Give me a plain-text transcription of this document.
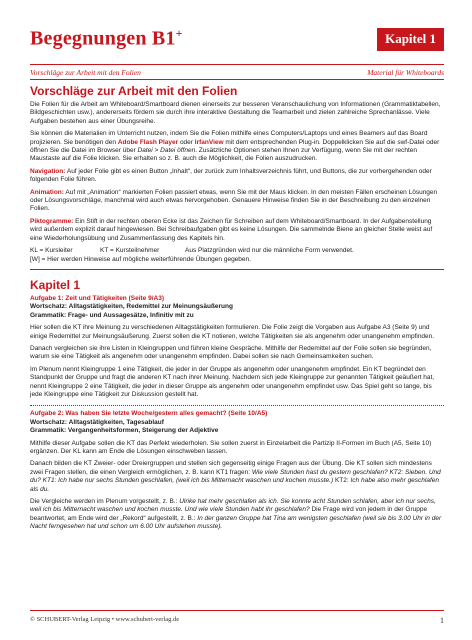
Begegnungen B1+	Kapitel 1
Vorschläge zur Arbeit mit den Folien	Material für Whiteboards
Vorschläge zur Arbeit mit den Folien

Die Folien für die Arbeit am Whiteboard/Smartboard dienen einerseits zur besseren Veranschaulichung von Informationen (Grammatiktabellen, Bildgeschichten usw.), andererseits fördern sie durch ihre interaktive Gestaltung die Teamarbeit und zielen zahlreiche Sprechanlässe. Viele Aufgaben bestehen aus einer Übungsreihe.

Sie können die Materialien im Unterricht nutzen, indem Sie die Folien mithilfe eines Computers/Laptops und eines Beamers auf das Board projizieren. Sie benötigen den Adobe Flash Player oder IrfanView mit dem entsprechenden Plug-in. Doppelklicken Sie auf die swf-Datei oder öffnen Sie die Datei im Browser über Datei > Datei öffnen. Zusätzliche Optionen stehen Ihnen zur Verfügung, wenn Sie mit der rechten Maustaste auf die Folie klicken. Sie erhalten so z. B. auch die Möglichkeit, die Folien auszudrucken.

Navigation: Auf jeder Folie gibt es einen Button „Inhalt“, der zurück zum Inhaltsverzeichnis führt, und Buttons, die zur vorhergehenden oder folgenden Folie führen.

Animation: Auf mit „Animation“ markierten Folien passiert etwas, wenn Sie mit der Maus klicken. In den meisten Fällen erscheinen Lösungen oder Lösungsvorschläge, manchmal wird auch etwas hervorgehoben. Genauere Hinweise finden Sie in der Beschreibung zu den einzelnen Folien.

Piktogramme: Ein Stift in der rechten oberen Ecke ist das Zeichen für Schreiben auf dem Whiteboard/Smartboard. In der Aufgabenstellung wird außerdem explizit darauf hingewiesen. Bei Schreibaufgaben gibt es keine Lösungen. Die sammelnde Biene an gleicher Stelle weist auf eine Wiederholungsübung und Zusammenfassung des Kapitels hin.

KL = Kursleiter	KT = Kursteilnehmer	Aus Platzgründen wird nur die männliche Form verwendet.
[W] = Hier werden Hinweise auf mögliche weiterführende Übungen gegeben.
Kapitel 1

Aufgabe 1: Zeit und Tätigkeiten (Seite 9/A3)
Wortschatz: Alltagstätigkeiten, Redemittel zur Meinungsäußerung
Grammatik: Frage- und Aussagesätze, Infinitiv mit zu

Hier sollen die KT ihre Meinung zu verschiedenen Alltagstätigkeiten formulieren. Die Folie zeigt die Vorgaben aus Aufgabe A3 (Seite 9) und einige Redemittel zur Meinungsäußerung. Zuerst sollen die KT notieren, welche Tätigkeiten sie als angenehm oder unangenehm empfinden.

Danach vergleichen sie ihre Listen in Kleingruppen und führen kleine Gespräche. Mithilfe der Redemittel auf der Folie sollen sie begründen, warum sie eine Tätigkeit als angenehm oder unangenehm empfinden. Dabei sollen sie nach Gemeinsamkeiten suchen.

Im Plenum nennt Kleingruppe 1 eine Tätigkeit, die jeder in der Gruppe als angenehm oder unangenehm empfindet. Ein KT begründet den Standpunkt der Gruppe und fragt die anderen KT nach ihrer Meinung. Nachdem sich jede Kleingruppe zur genannten Tätigkeit geäußert hat, nennt Kleingruppe 2 eine Tätigkeit, die jeder in dieser Gruppe als angenehm oder unangenehm empfindet usw. Das Spiel geht so lange, bis jede Kleingruppe eine Tätigkeit zur Diskussion gestellt hat.

Aufgabe 2: Was haben Sie letzte Woche/gestern alles gemacht? (Seite 10/A5)
Wortschatz: Alltagstätigkeiten, Tagesablauf
Grammatik: Vergangenheitsformen, Steigerung der Adjektive

Mithilfe dieser Aufgabe sollen die KT das Perfekt wiederholen. Sie sollen zuerst in Einzelarbeit die Partizip II-Formen im Buch (A5, Seite 10) ergänzen. Der KL kann am Ende die Lösungen einschweben lassen.

Danach bilden die KT Zweier- oder Dreiergruppen und stellen sich gegenseitig einige Fragen aus der Übung. Die KT sollen sich mindestens zwei Fragen stellen, die einen Vergleich ermöglichen, z. B. kann KT1 fragen: Wie viele Stunden hast du gestern geschlafen? KT2: Sieben. Und du? KT1: Ich habe nur sechs Stunden geschlafen, (weil ich bis Mitternacht waschen und kochen musste.) KT2: Ich habe also mehr geschlafen als du.

Die Vergleiche werden im Plenum vorgestellt, z. B.: Ulrike hat mehr geschlafen als ich. Sie konnte acht Stunden schlafen, aber ich nur sechs, weil ich bis Mitternacht waschen und kochen musste. Und wie viele Stunden habt ihr geschlafen? Die Frage wird von jedem in der Gruppe beantwortet, am Ende wird der „Rekord“ aufgestellt, z. B.: In der ganzen Gruppe hat Tina am wenigsten geschlafen (weil sie bis 3.00 Uhr in der Nacht ferngesehen hat und schon um 6.00 Uhr aufstehen musste).

© SCHUBERT-Verlag Leipzig • www.schubert-verlag.de	1
